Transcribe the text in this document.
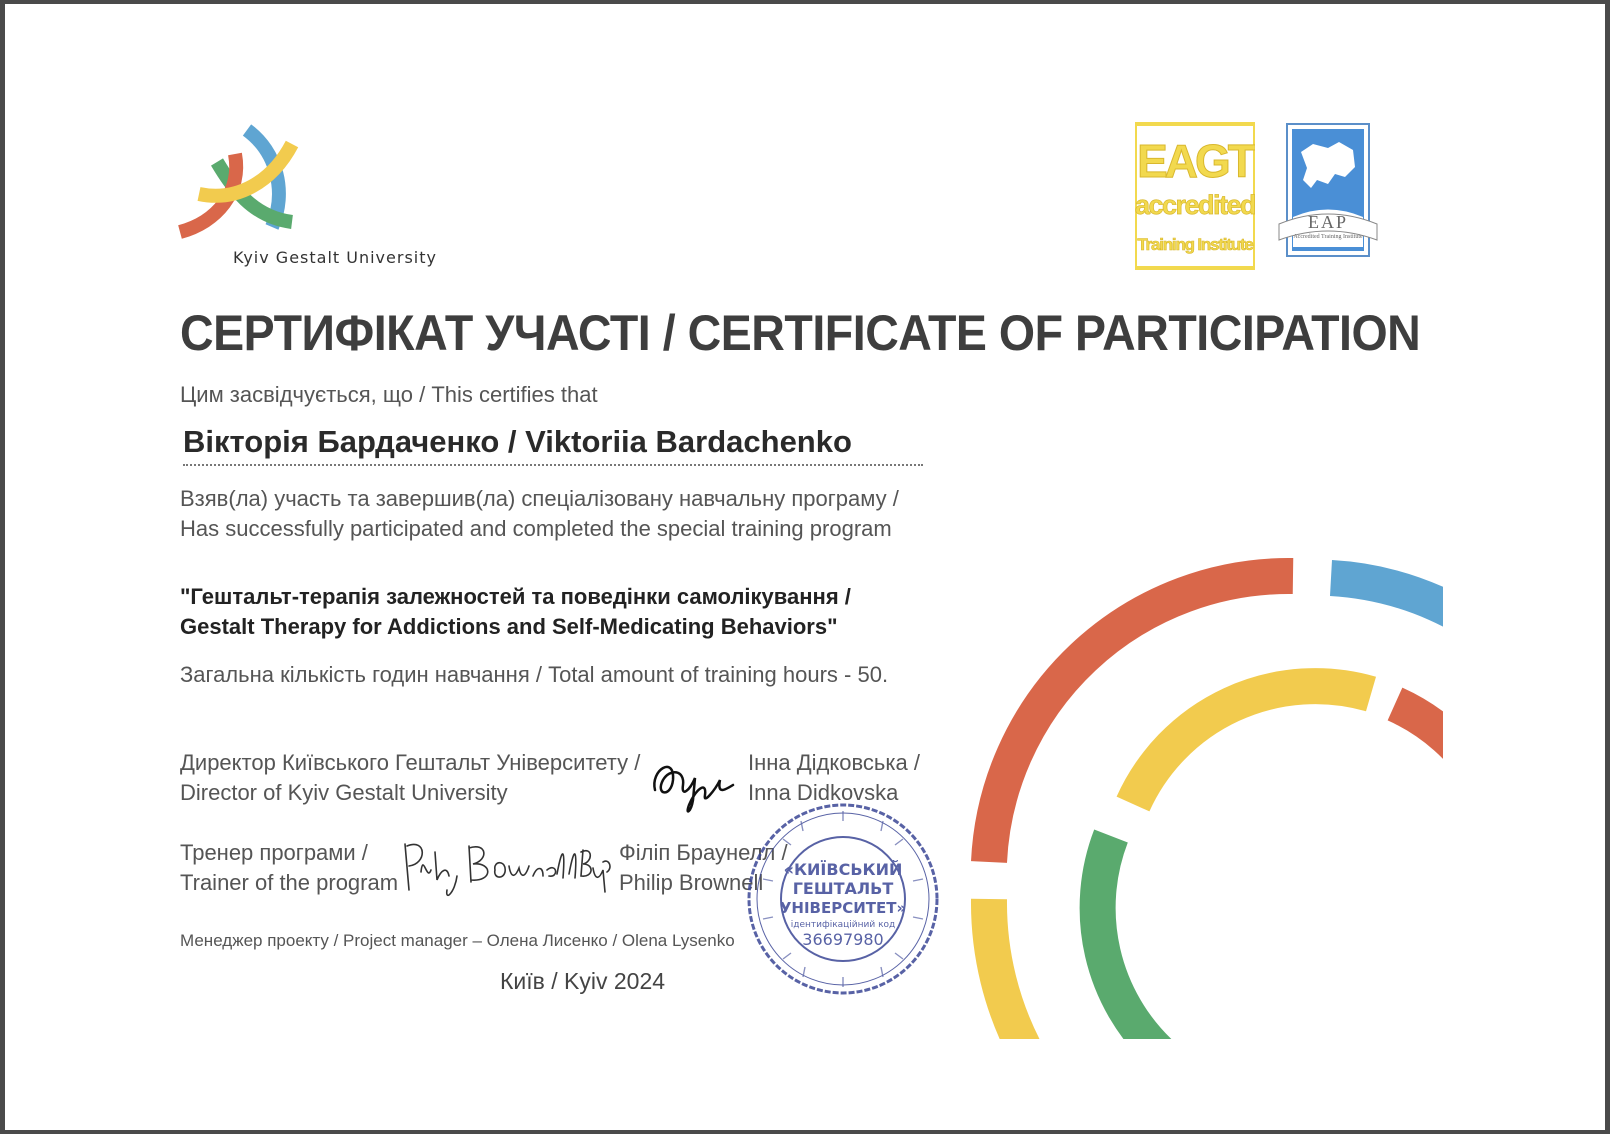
Kyiv Gestalt University
EAGT
accredited
Training Institute
EAP
Accredited Training Institute
СЕРТИФІКАТ УЧАСТІ / CERTIFICATE OF PARTICIPATION
Цим засвідчується, що / This certifies that
Вікторія Бардаченко / Viktoriia Bardachenko
Взяв(ла) участь та завершив(ла) спеціалізовану навчальну програму /
Has successfully participated and completed the special training program
"Гештальт-терапія залежностей та поведінки самолікування /
Gestalt Therapy for Addictions and Self-Medicating Behaviors"
Загальна кількість годин навчання / Total amount of training hours - 50.
Директор Київського Гештальт Університету /
Director of Kyiv Gestalt University
Інна Дідковська /
Inna Didkovska
Тренер програми /
Trainer of the program
Філіп Браунелл /
Philip Brownell
«КИЇВСЬКИЙ
ГЕШТАЛЬТ
УНІВЕРСИТЕТ»
ідентифікаційний код
36697980
Менеджер проекту / Project manager – Олена Лисенко / Olena Lysenko
Київ / Kyiv 2024
